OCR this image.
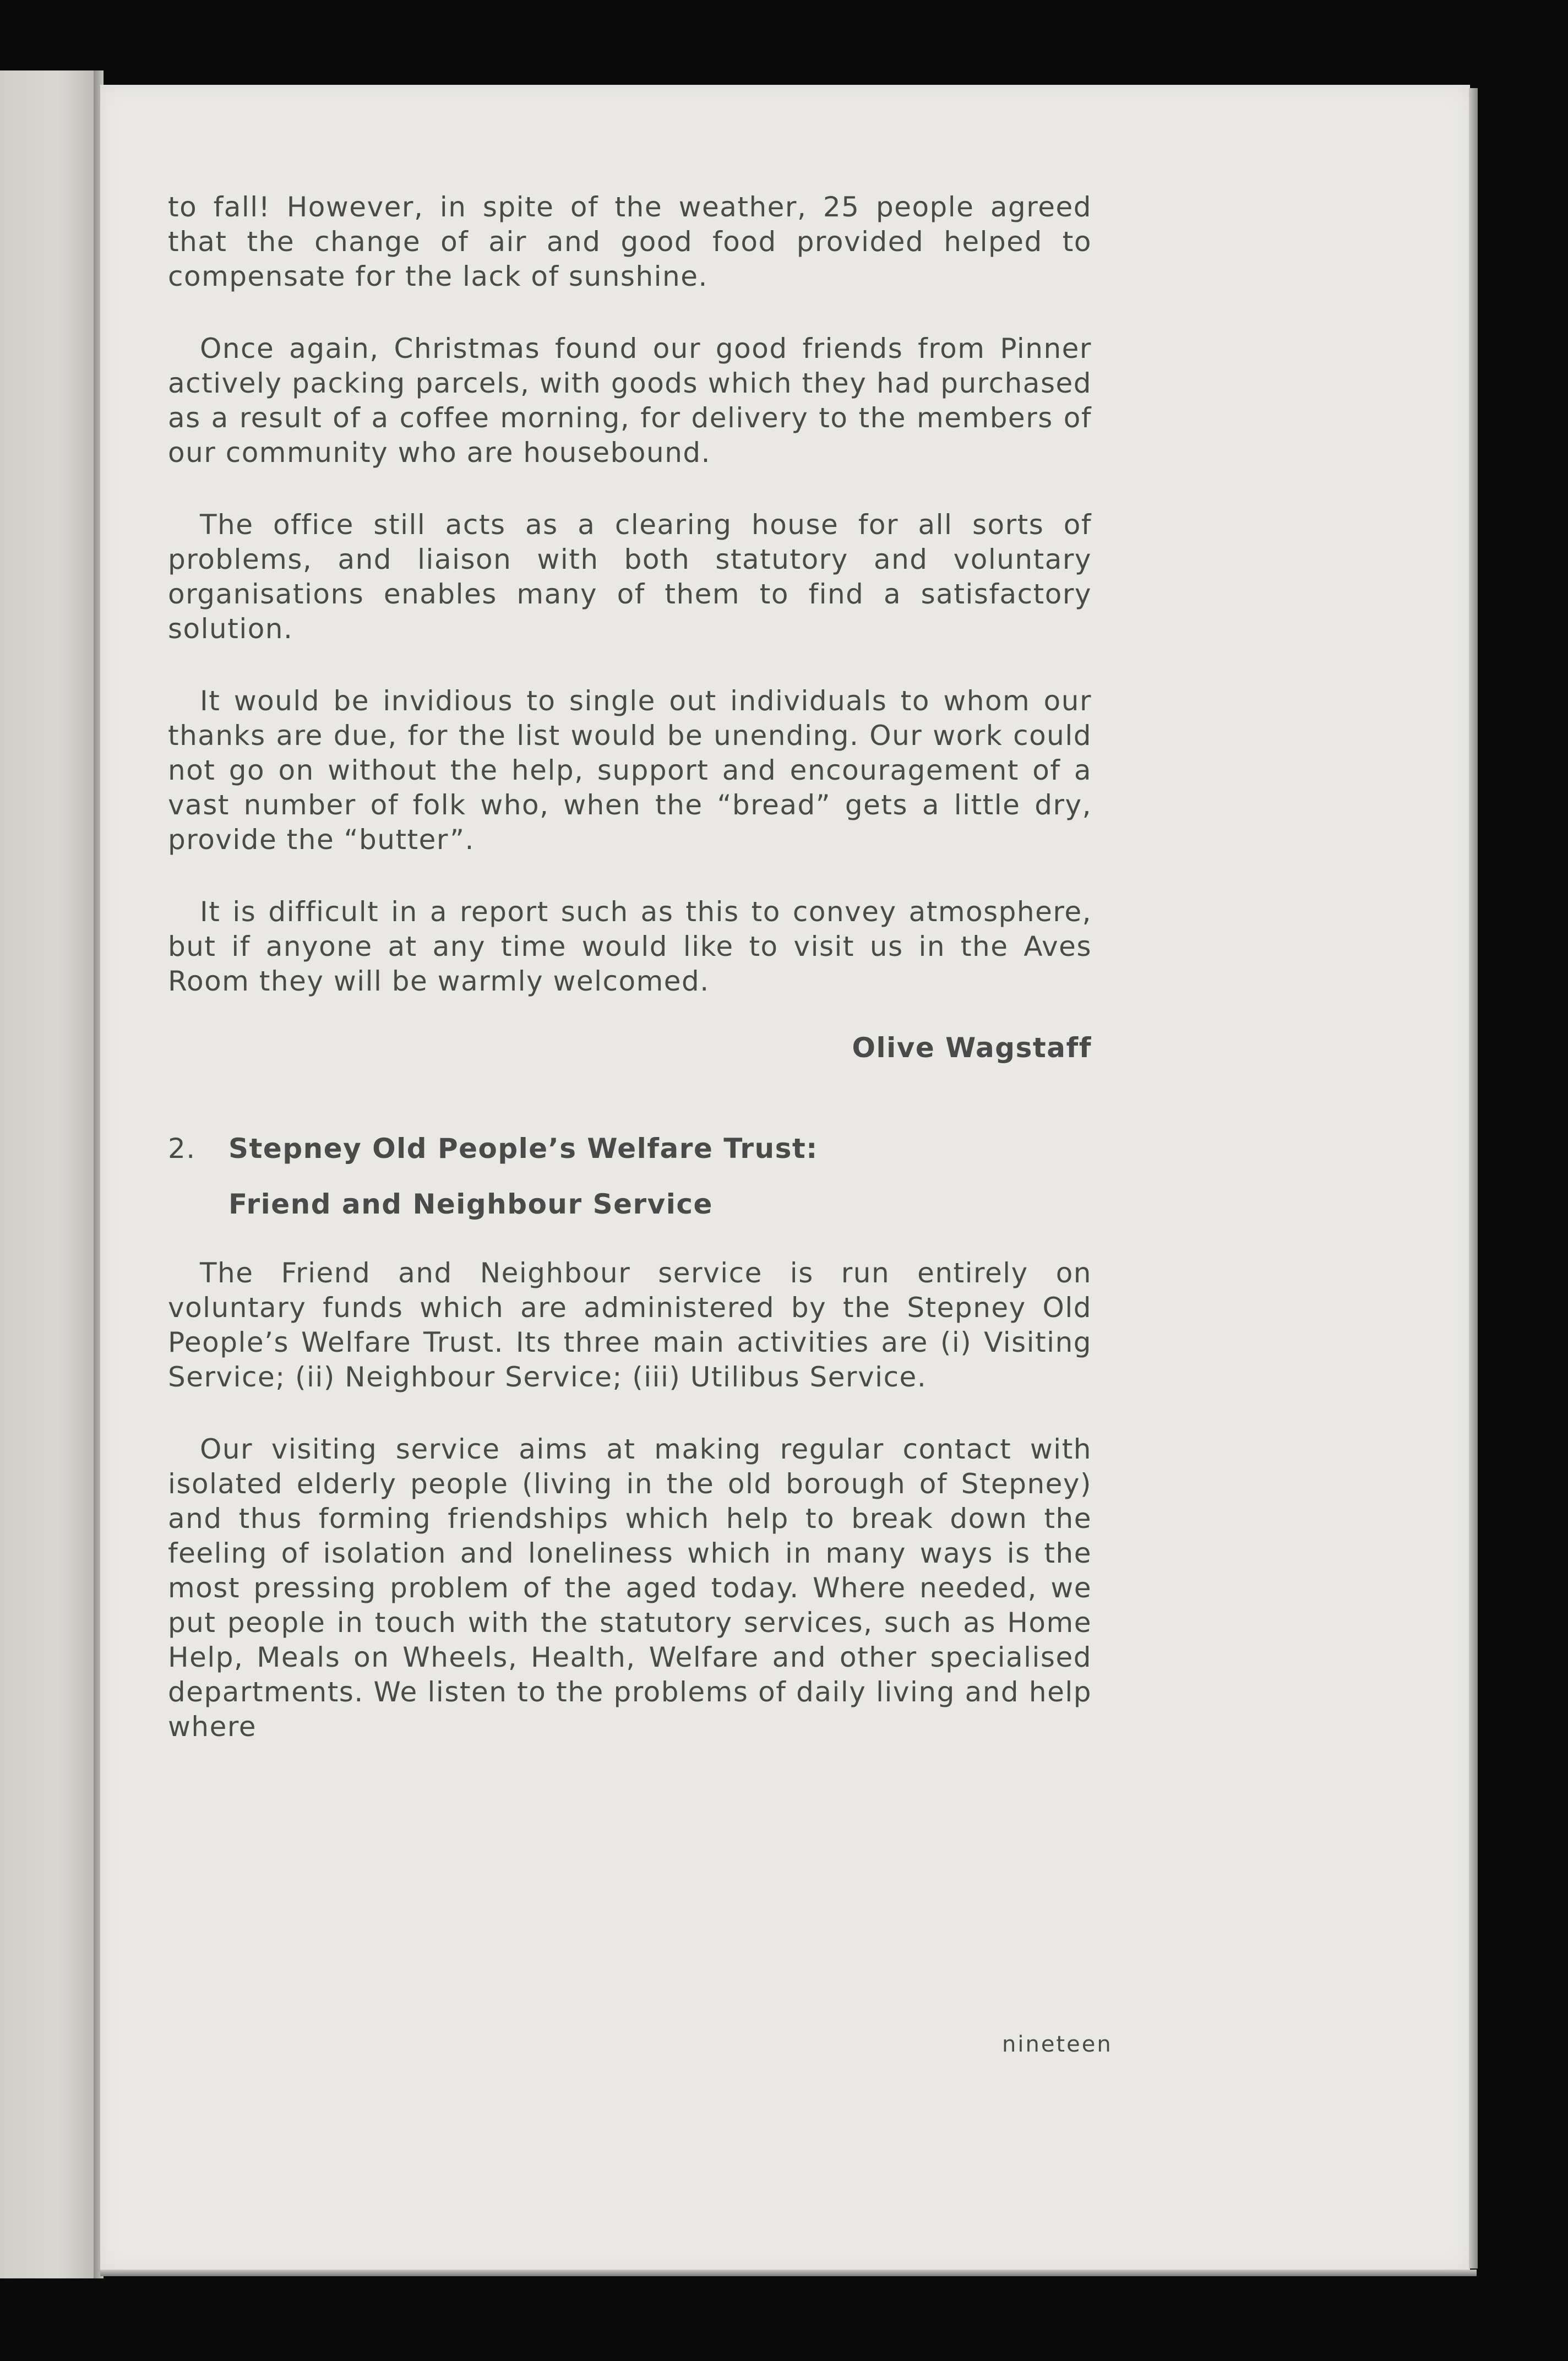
to fall! However, in spite of the weather, 25 people agreed that the change of air and good food provided helped to compensate for the lack of sunshine.

Once again, Christmas found our good friends from Pinner actively packing parcels, with goods which they had purchased as a result of a coffee morning, for delivery to the members of our community who are housebound.

The office still acts as a clearing house for all sorts of problems, and liaison with both statutory and voluntary organisations enables many of them to find a satisfactory solution.

It would be invidious to single out individuals to whom our thanks are due, for the list would be unending. Our work could not go on without the help, support and encouragement of a vast number of folk who, when the “bread” gets a little dry, provide the “butter”.

It is difficult in a report such as this to convey atmosphere, but if anyone at any time would like to visit us in the Aves Room they will be warmly welcomed.

Olive Wagstaff
2. Stepney Old People’s Welfare Trust:
Friend and Neighbour Service

The Friend and Neighbour service is run entirely on voluntary funds which are administered by the Stepney Old People’s Welfare Trust. Its three main activities are (i) Visiting Service; (ii) Neighbour Service; (iii) Utilibus Service.

Our visiting service aims at making regular contact with isolated elderly people (living in the old borough of Stepney) and thus forming friendships which help to break down the feeling of isolation and loneliness which in many ways is the most pressing problem of the aged today. Where needed, we put people in touch with the statutory services, such as Home Help, Meals on Wheels, Health, Welfare and other specialised departments. We listen to the problems of daily living and help where

nineteen
